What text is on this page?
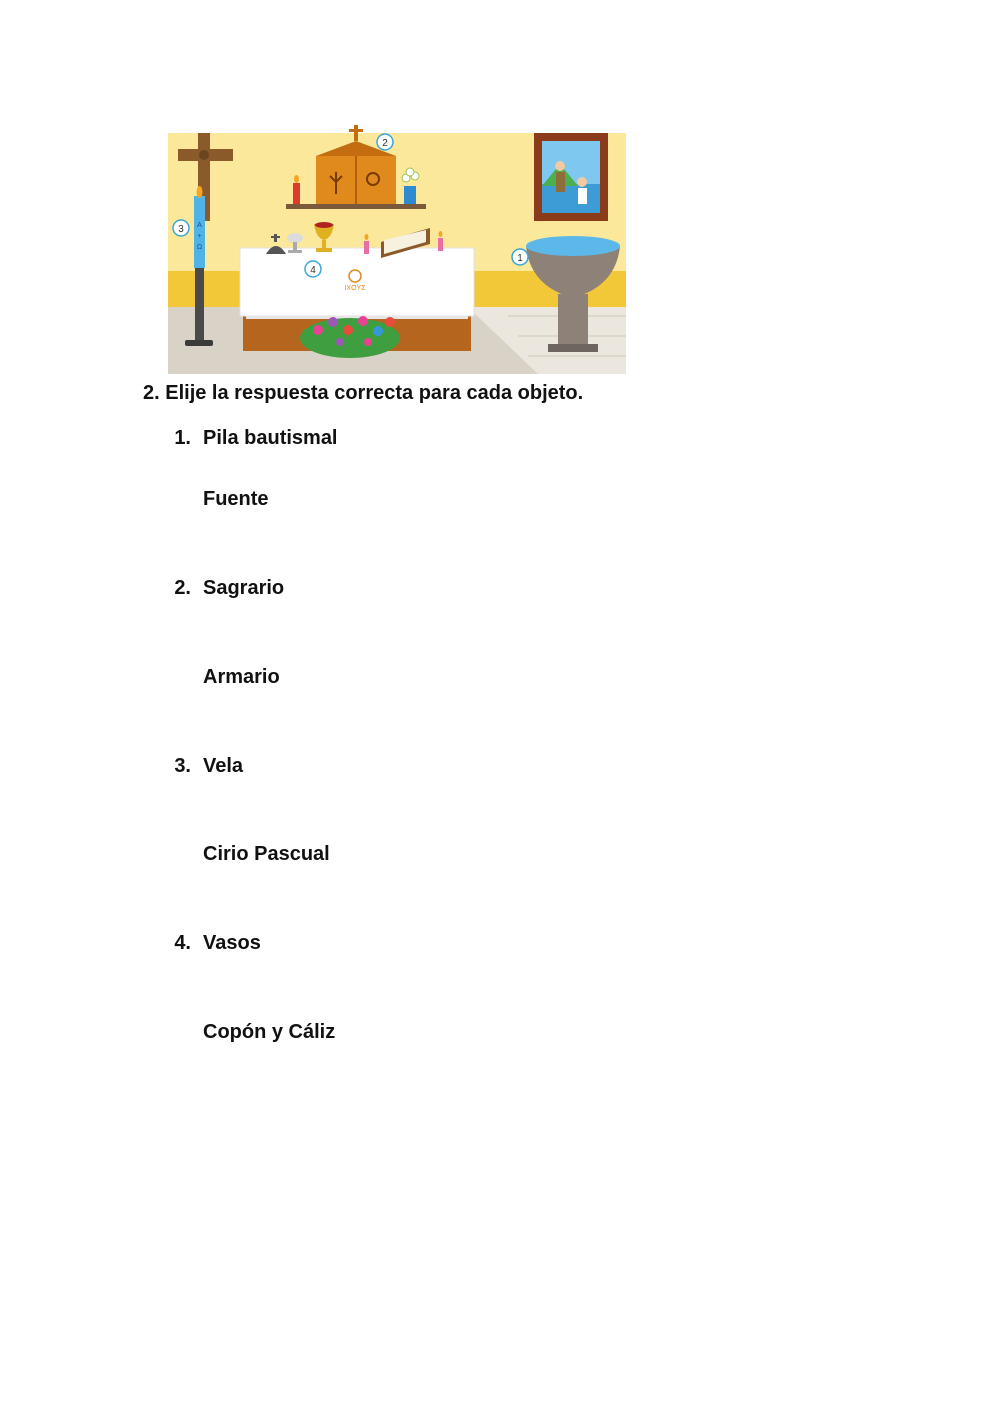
A
+
Ω
IXOYΣ
1
2
3
4
2. Elije la respuesta correcta para cada objeto.
1. Pila bautismal
Fuente
2. Sagrario
Armario
3. Vela
Cirio Pascual
4. Vasos
Copón y Cáliz
